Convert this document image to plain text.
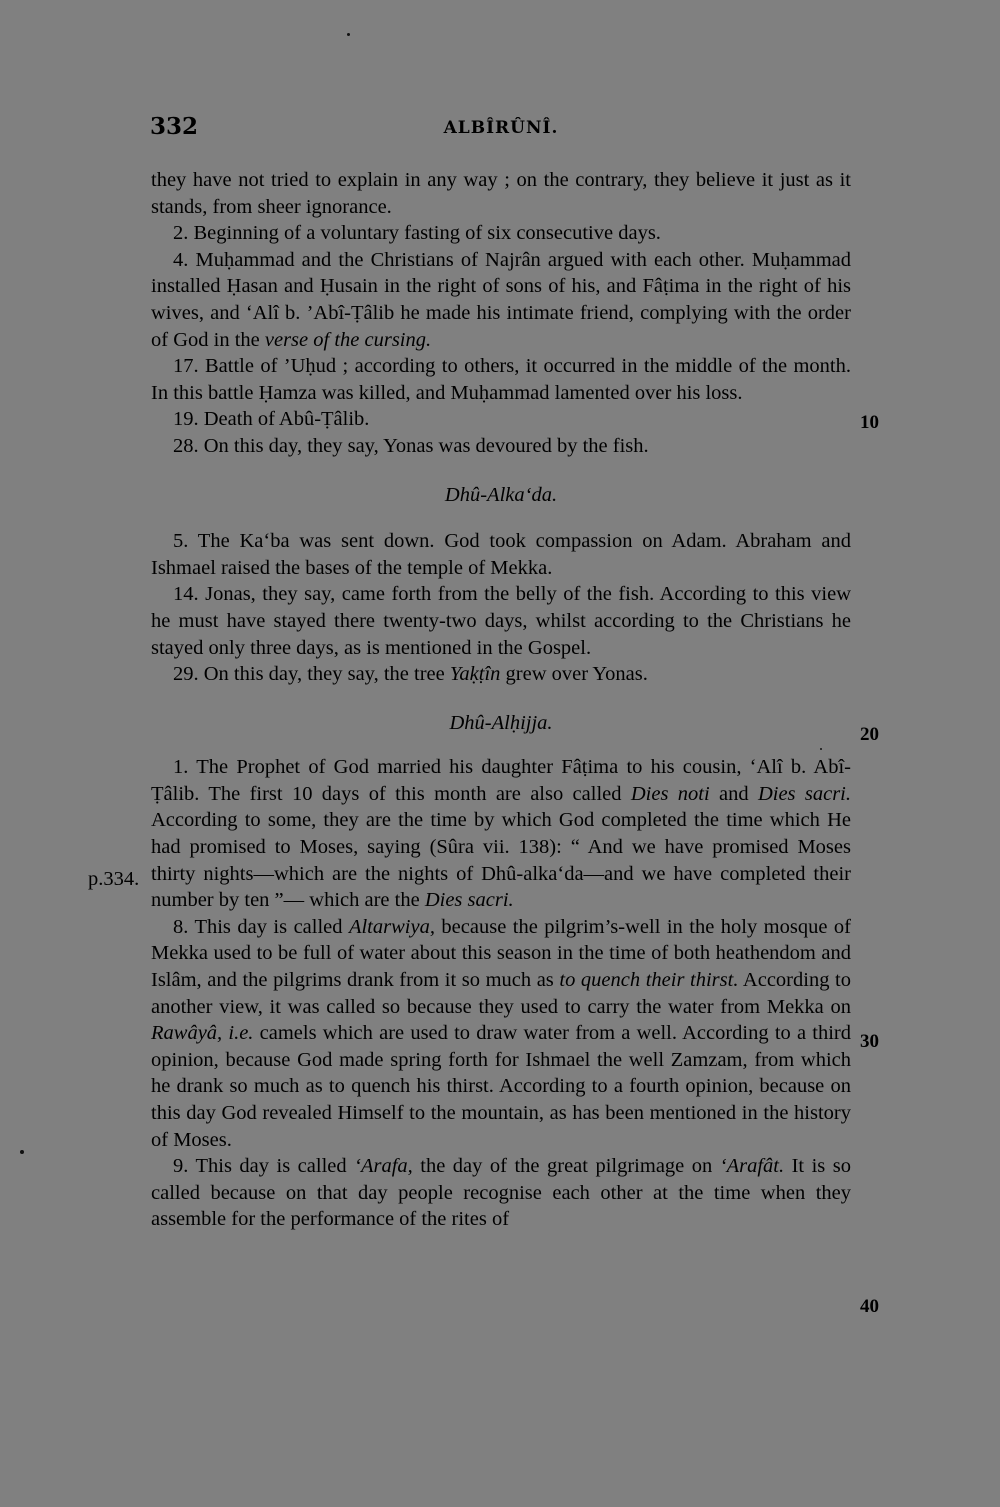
332	ALBÎRÛNÎ.
p.334.
10
20
30
40

they have not tried to explain in any way ; on the contrary, they believe it just as it stands, from sheer ignorance.

2. Beginning of a voluntary fasting of six consecutive days.

4. Muḥammad and the Christians of Najrân argued with each other. Muḥammad installed Ḥasan and Ḥusain in the right of sons of his, and Fâṭima in the right of his wives, and ‘Alî b. ’Abî-Ṭâlib he made his intimate friend, complying with the order of God in the verse of the cursing.

17. Battle of ’Uḥud ; according to others, it occurred in the middle of the month. In this battle Ḥamza was killed, and Muḥammad lamented over his loss.

19. Death of Abû-Ṭâlib.

28. On this day, they say, Yonas was devoured by the fish.

Dhû-Alka‘da.

5. The Ka‘ba was sent down. God took compassion on Adam. Abraham and Ishmael raised the bases of the temple of Mekka.

14. Jonas, they say, came forth from the belly of the fish. According to this view he must have stayed there twenty-two days, whilst according to the Christians he stayed only three days, as is mentioned in the Gospel.

29. On this day, they say, the tree Yaḳṭîn grew over Yonas.

Dhû-Alḥijja.

1. The Prophet of God married his daughter Fâṭima to his cousin, ‘Alî b. Abî-Ṭâlib. The first 10 days of this month are also called Dies noti and Dies sacri. According to some, they are the time by which God completed the time which He had promised to Moses, saying (Sûra vii. 138): “ And we have promised Moses thirty nights—which are the nights of Dhû-alka‘da—and we have completed their number by ten ”— which are the Dies sacri.

8. This day is called Altarwiya, because the pilgrim’s-well in the holy mosque of Mekka used to be full of water about this season in the time of both heathendom and Islâm, and the pilgrims drank from it so much as to quench their thirst. According to another view, it was called so because they used to carry the water from Mekka on Rawâyâ, i.e. camels which are used to draw water from a well. According to a third opinion, because God made spring forth for Ishmael the well Zamzam, from which he drank so much as to quench his thirst. According to a fourth opinion, because on this day God revealed Himself to the mountain, as has been mentioned in the history of Moses.

9. This day is called ‘Arafa, the day of the great pilgrimage on ‘Arafât. It is so called because on that day people recognise each other at the time when they assemble for the performance of the rites of
